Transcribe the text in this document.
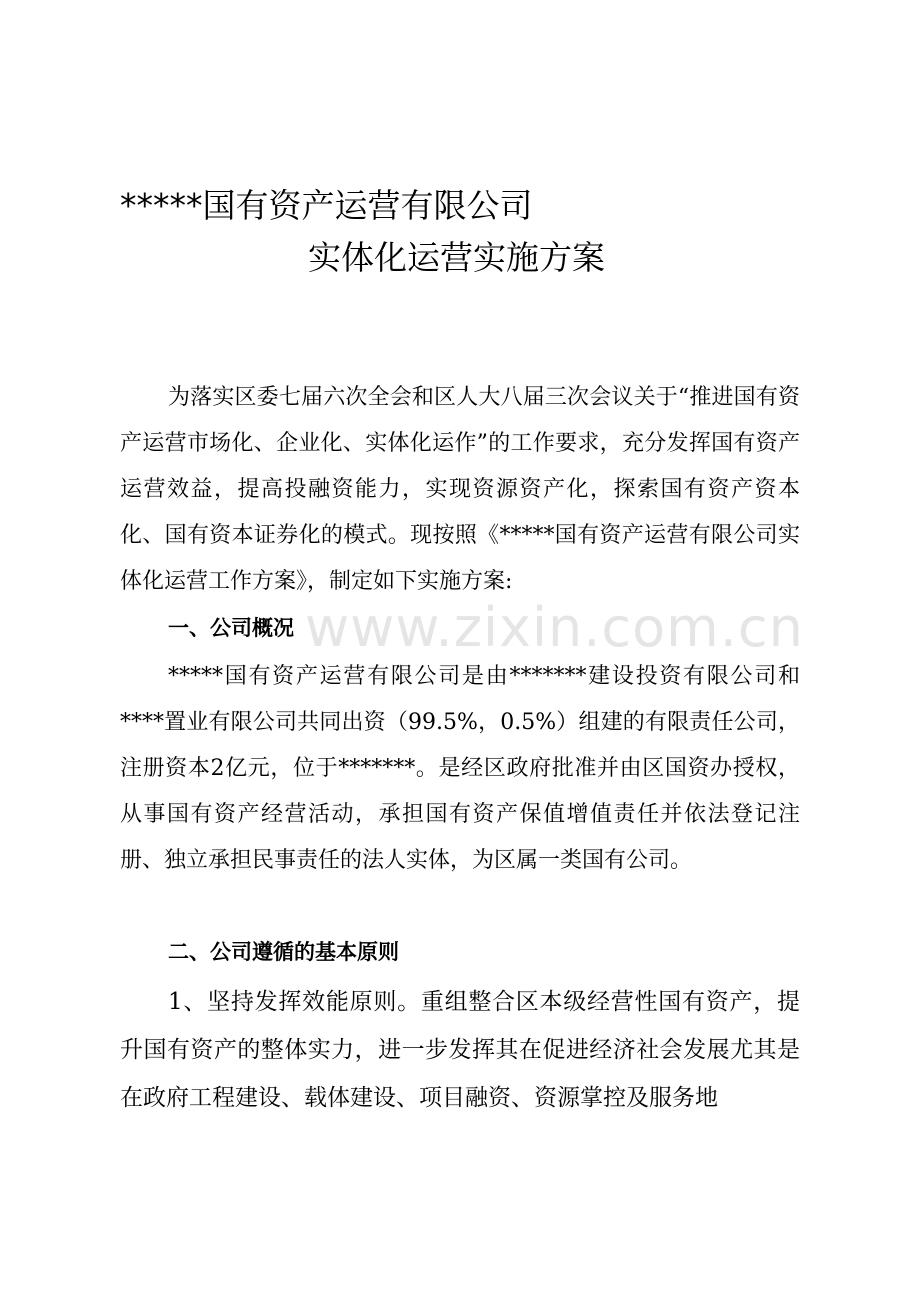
*****国有资产运营有限公司
实体化运营实施方案

为落实区委七届六次全会和区人大八届三次会议关于“推进国有资产运营市场化、企业化、实体化运作”的工作要求，充分发挥国有资产运营效益，提高投融资能力，实现资源资产化，探索国有资产资本化、国有资本证券化的模式。现按照《*****国有资产运营有限公司实体化运营工作方案》，制定如下实施方案:

一、公司概况

*****国有资产运营有限公司是由*******建设投资有限公司和****置业有限公司共同出资（99.5%，0.5%）组建的有限责任公司，注册资本2亿元，位于*******。是经区政府批准并由区国资办授权，从事国有资产经营活动，承担国有资产保值增值责任并依法登记注册、独立承担民事责任的法人实体，为区属一类国有公司。

二、公司遵循的基本原则

1、坚持发挥效能原则。重组整合区本级经营性国有资产，提升国有资产的整体实力，进一步发挥其在促进经济社会发展尤其是在政府工程建设、载体建设、项目融资、资源掌控及服务地

www.zixin.com.cn
